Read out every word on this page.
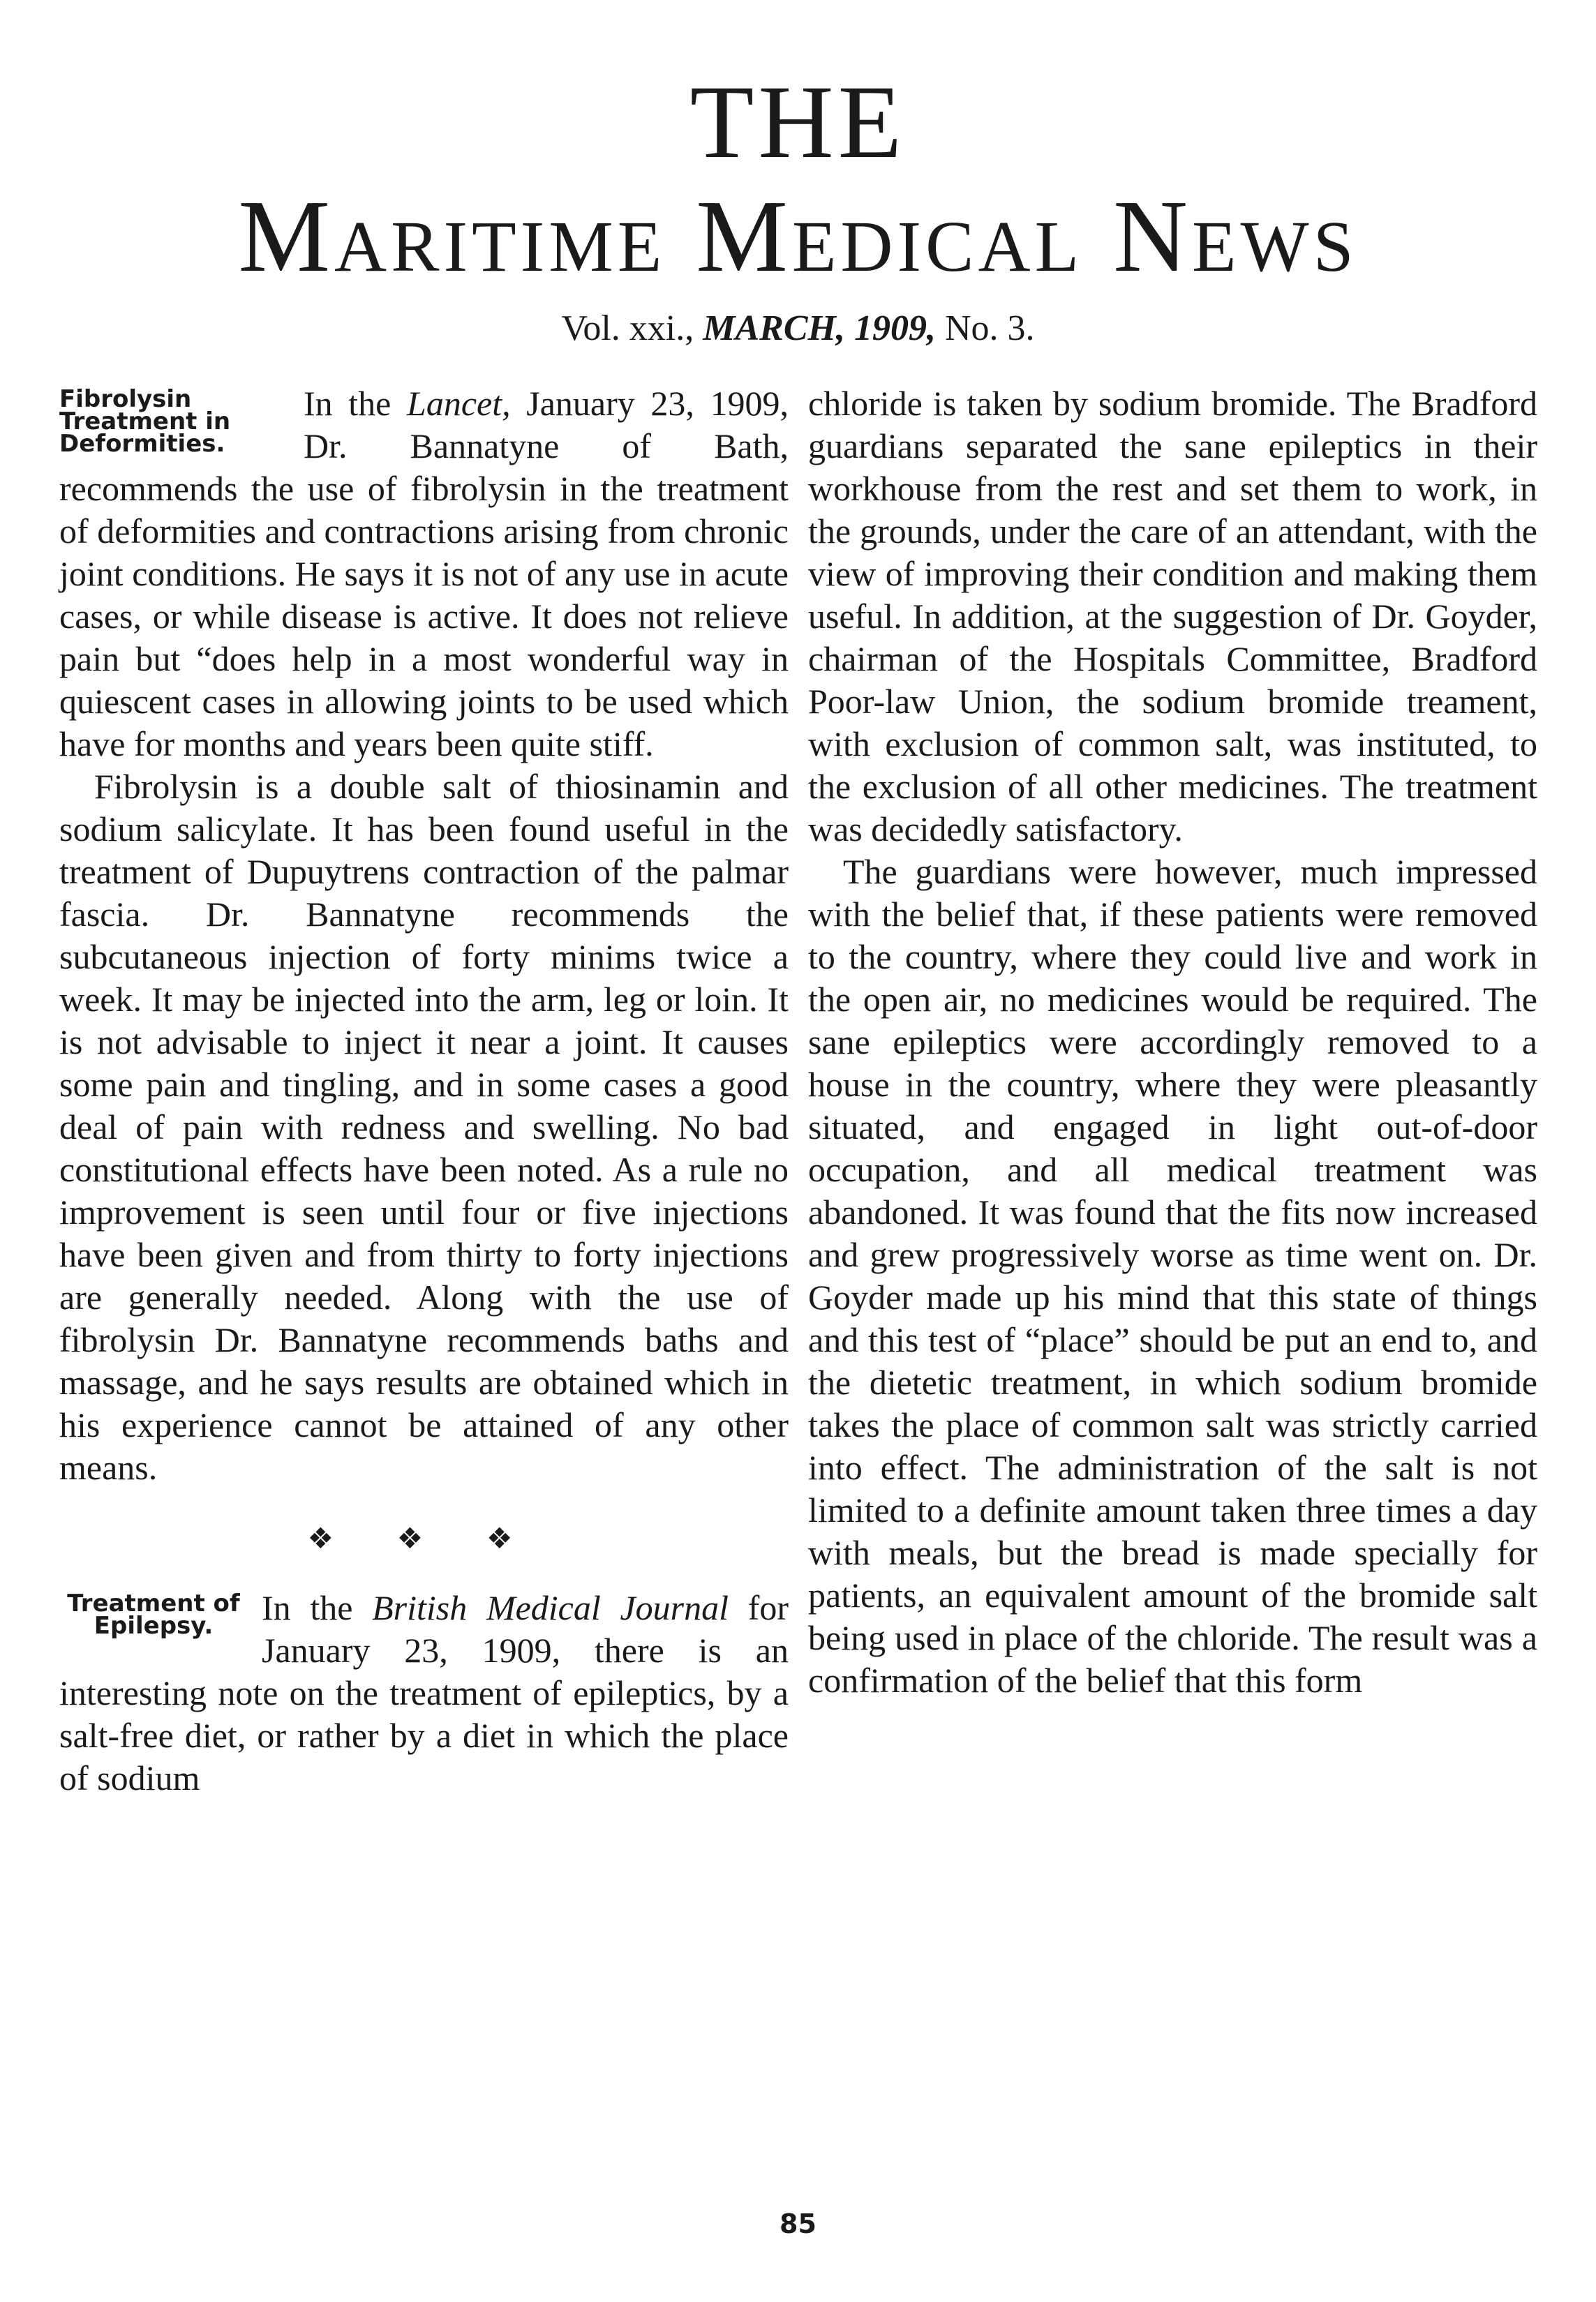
THE
Maritime Medical News
Vol. xxi., MARCH, 1909, No. 3.
Fibrolysin Treatment in Deformities.

In the Lancet, January 23, 1909, Dr. Bannatyne of Bath, recommends the use of fibrolysin in the treatment of deformities and contractions arising from chronic joint conditions. He says it is not of any use in acute cases, or while disease is active. It does not relieve pain but “does help in a most wonderful way in quiescent cases in allowing joints to be used which have for months and years been quite stiff.

Fibrolysin is a double salt of thiosinamin and sodium salicylate. It has been found useful in the treatment of Dupuytrens contraction of the palmar fascia. Dr. Bannatyne recommends the subcutaneous injection of forty minims twice a week. It may be injected into the arm, leg or loin. It is not advisable to inject it near a joint. It causes some pain and tingling, and in some cases a good deal of pain with redness and swelling. No bad constitutional effects have been noted. As a rule no improvement is seen until four or five injections have been given and from thirty to forty injections are generally needed. Along with the use of fibrolysin Dr. Bannatyne recommends baths and massage, and he says results are obtained which in his experience cannot be attained of any other means.

❖ ❖ ❖
Treatment of Epilepsy.	In the British Medical Journal for January 23, 1909, there is an interesting note on the treatment of epileptics, by a salt-free diet, or rather by a diet in which the place of sodium

chloride is taken by sodium bromide. The Bradford guardians separated the sane epileptics in their workhouse from the rest and set them to work, in the grounds, under the care of an attendant, with the view of improving their condition and making them useful. In addition, at the suggestion of Dr. Goyder, chairman of the Hospitals Committee, Bradford Poor-law Union, the sodium bromide treament, with exclusion of common salt, was instituted, to the exclusion of all other medicines. The treatment was decidedly satisfactory.

The guardians were however, much impressed with the belief that, if these patients were removed to the country, where they could live and work in the open air, no medicines would be required. The sane epileptics were accordingly removed to a house in the country, where they were pleasantly situated, and engaged in light out-of-door occupation, and all medical treatment was abandoned. It was found that the fits now increased and grew progressively worse as time went on. Dr. Goyder made up his mind that this state of things and this test of “place” should be put an end to, and the dietetic treatment, in which sodium bromide takes the place of common salt was strictly carried into effect. The administration of the salt is not limited to a definite amount taken three times a day with meals, but the bread is made specially for patients, an equivalent amount of the bromide salt being used in place of the chloride. The result was a confirmation of the belief that this form

85
